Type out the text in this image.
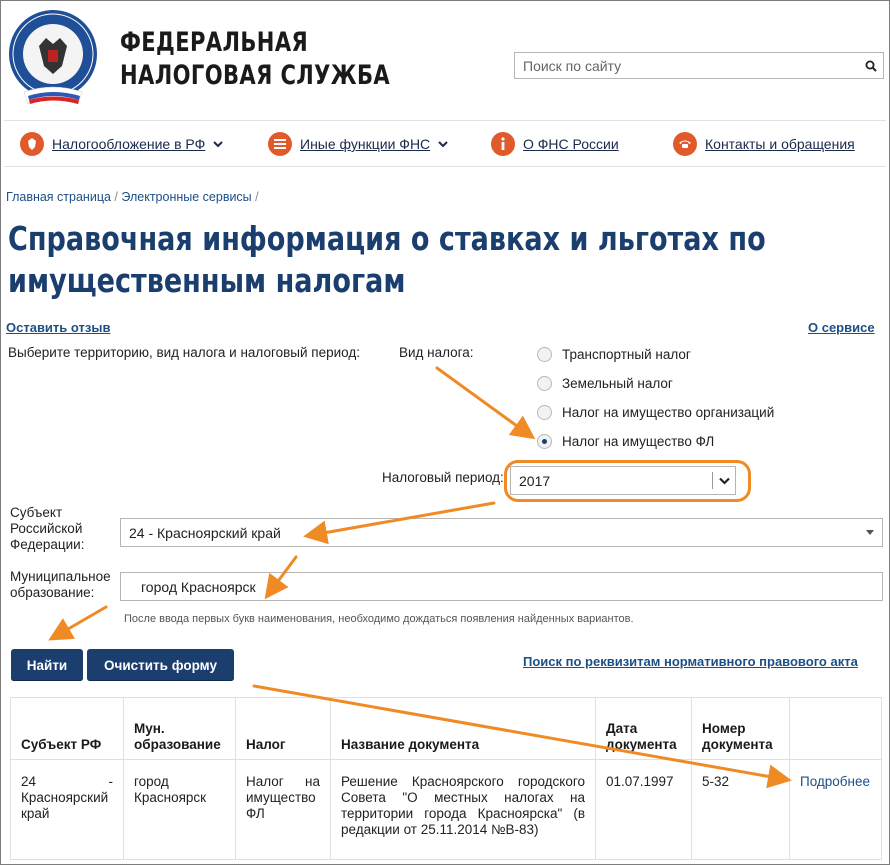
ФЕДЕРАЛЬНАЯ
НАЛОГОВАЯ СЛУЖБА
Поиск по сайту
Налогообложение в РФ	Иные функции ФНС	О ФНС России	Контакты и обращения
Главная страница / Электронные сервисы /
Справочная информация о ставках и льготах по
имущественным налогам
Оставить отзыв	О сервисе
Выберите территорию, вид налога и налоговый период:	Вид налога:	Транспортный налог
Земельный налог
Налог на имущество организаций
Налог на имущество ФЛ
Налоговый период:	2017
Субъект Российской Федерации:
24 - Красноярский край
Муниципальное образование:
город Красноярск
После ввода первых букв наименования, необходимо дождаться появления найденных вариантов.
Найти	Очистить форму	Поиск по реквизитам нормативного правового акта
Субъект РФ	Мун. образование	Налог	Название документа	Дата документа	Номер документа	
24 - Красноярский край	город Красноярск	Налог на имущество ФЛ	Решение Красноярского городского Совета "О местных налогах на территории города Красноярска" (в редакции от 25.11.2014 №В-83)	01.07.1997	5-32	Подробнее
